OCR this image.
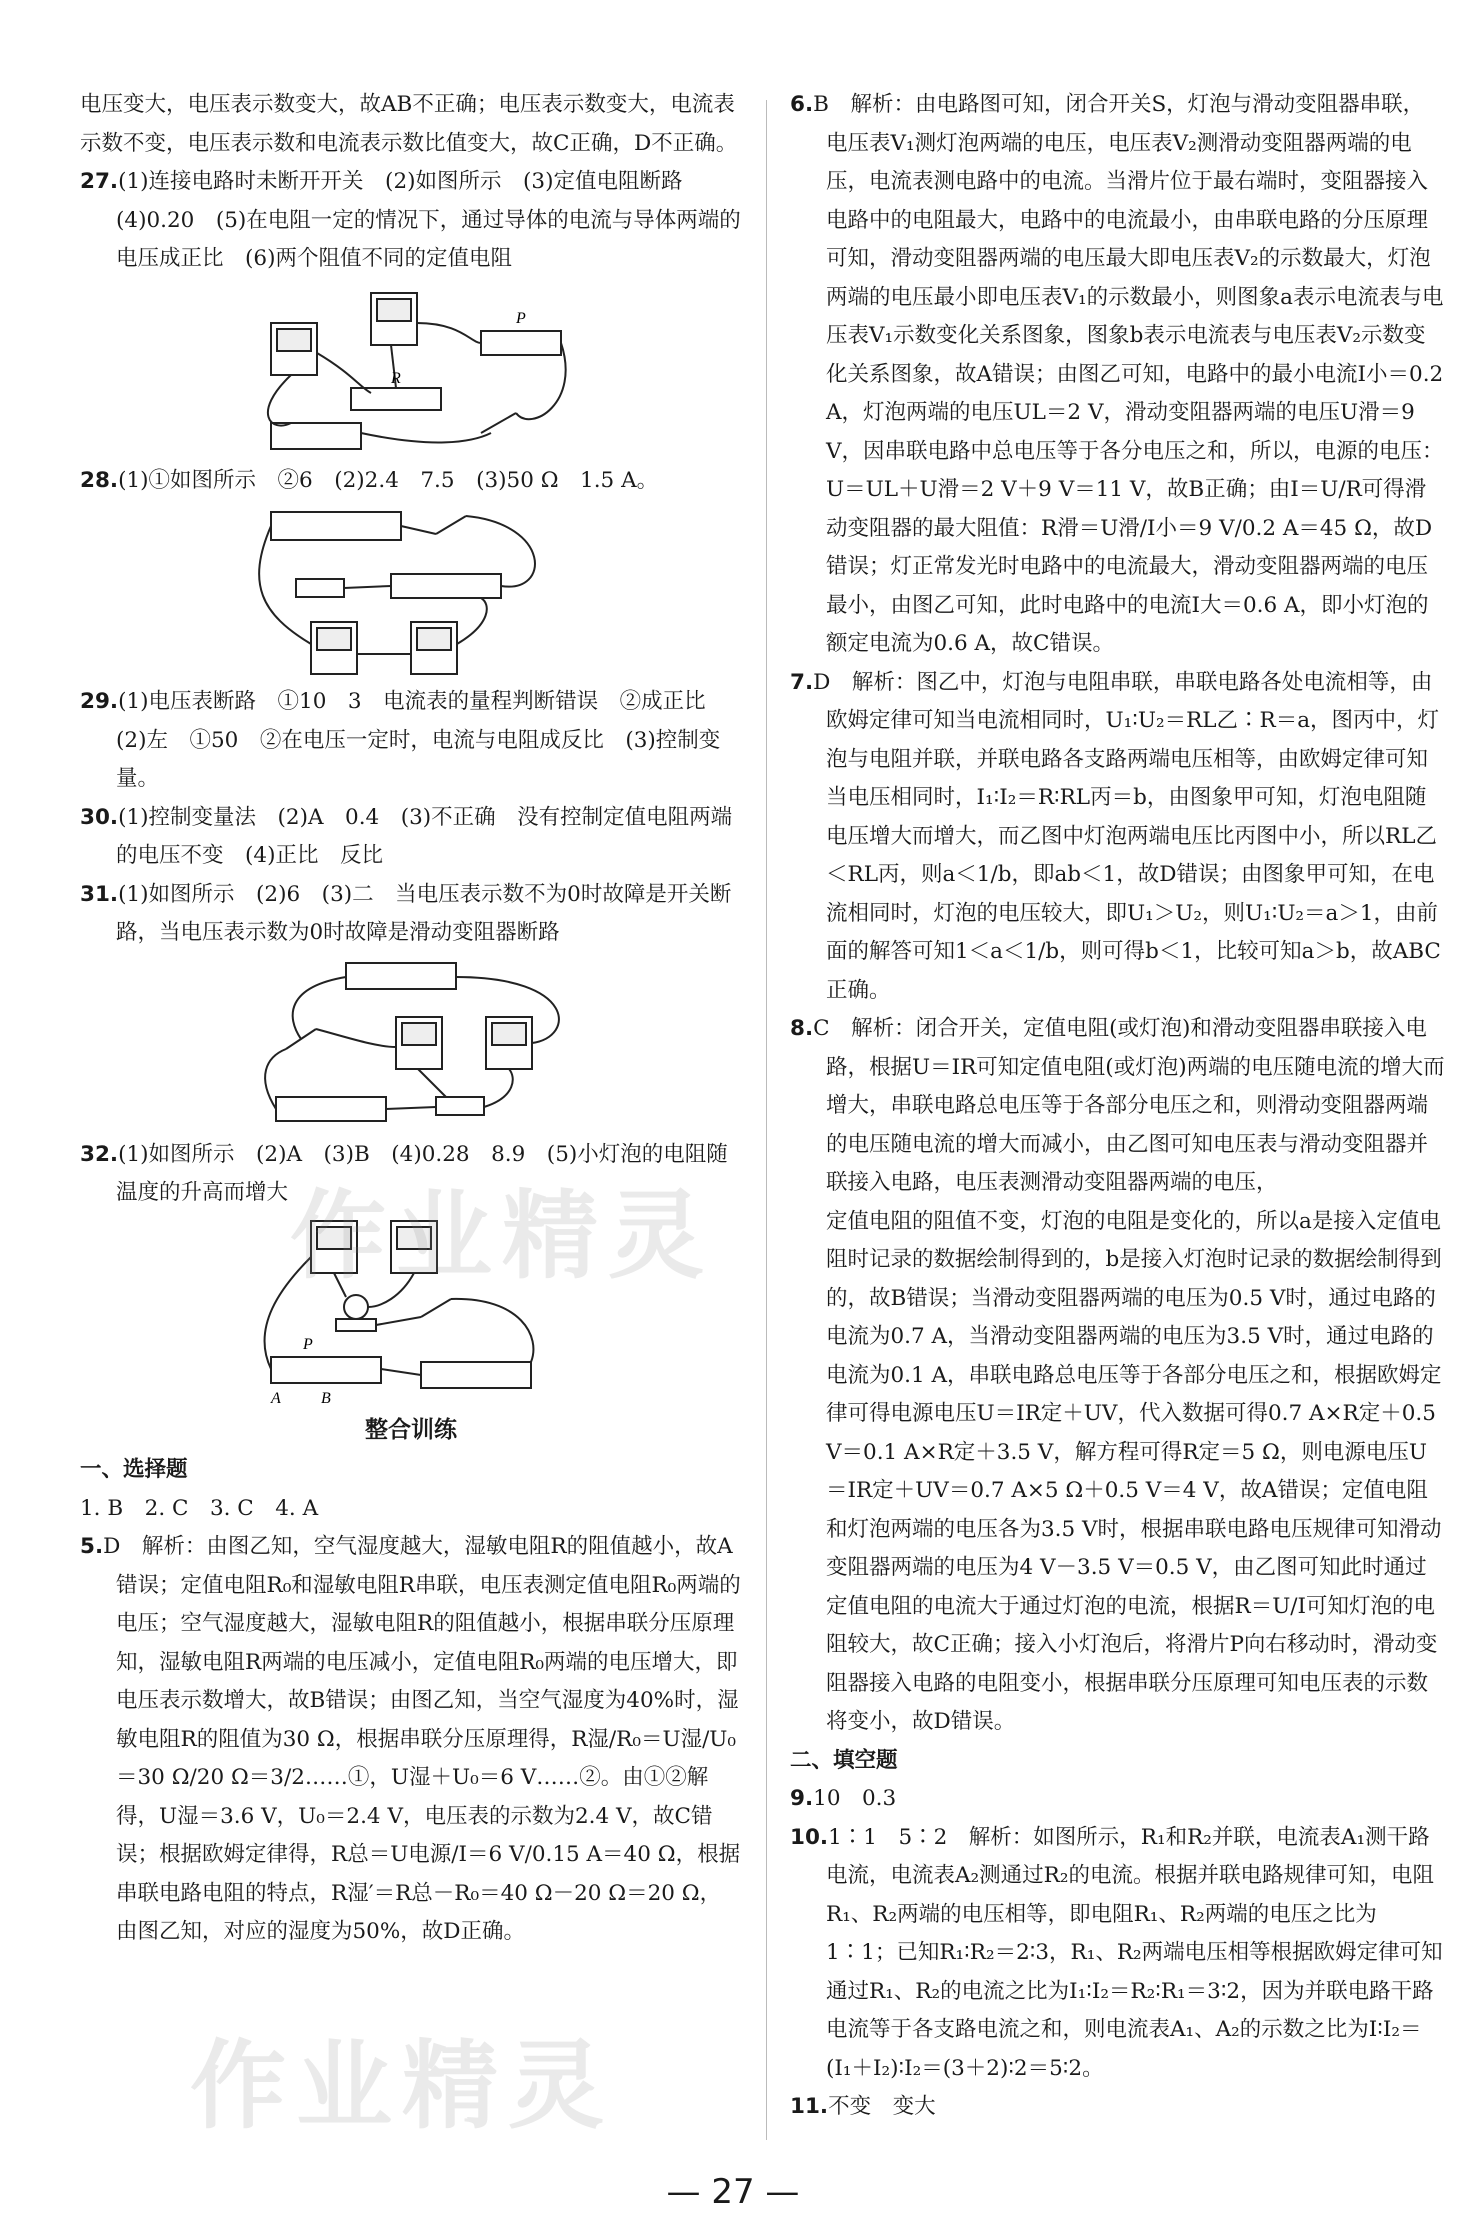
电压变大，电压表示数变大，故AB不正确；电压表示数变大，电流表示数不变，电压表示数和电流表示数比值变大，故C正确，D不正确。

27.(1)连接电路时未断开开关　(2)如图所示　(3)定值电阻断路　(4)0.20　(5)在电阻一定的情况下，通过导体的电流与导体两端的电压成正比　(6)两个阻值不同的定值电阻

R
P

28.(1)①如图所示　②6　(2)2.4　7.5　(3)50 Ω　1.5 A。

29.(1)电压表断路　①10　3　电流表的量程判断错误　②成正比　(2)左　①50　②在电压一定时，电流与电阻成反比　(3)控制变量。

30.(1)控制变量法　(2)A　0.4　(3)不正确　没有控制定值电阻两端的电压不变　(4)正比　反比

31.(1)如图所示　(2)6　(3)二　当电压表示数不为0时故障是开关断路，当电压表示数为0时故障是滑动变阻器断路

32.(1)如图所示　(2)A　(3)B　(4)0.28　8.9　(5)小灯泡的电阻随温度的升高而增大

P
A	B
整合训练

一、选择题

1. B　2. C　3. C　4. A

5.D　解析：由图乙知，空气湿度越大，湿敏电阻R的阻值越小，故A错误；定值电阻R₀和湿敏电阻R串联，电压表测定值电阻R₀两端的电压；空气湿度越大，湿敏电阻R的阻值越小，根据串联分压原理知，湿敏电阻R两端的电压减小，定值电阻R₀两端的电压增大，即电压表示数增大，故B错误；由图乙知，当空气湿度为40%时，湿敏电阻R的阻值为30 Ω，根据串联分压原理得，R湿/R₀＝U湿/U₀＝30 Ω/20 Ω＝3/2……①，U湿＋U₀＝6 V……②。由①②解得，U湿＝3.6 V，U₀＝2.4 V，电压表的示数为2.4 V，故C错误；根据欧姆定律得，R总＝U电源/I＝6 V/0.15 A＝40 Ω，根据串联电路电阻的特点，R湿′＝R总－R₀＝40 Ω－20 Ω＝20 Ω，由图乙知，对应的湿度为50%，故D正确。

6.B　解析：由电路图可知，闭合开关S，灯泡与滑动变阻器串联，电压表V₁测灯泡两端的电压，电压表V₂测滑动变阻器两端的电压，电流表测电路中的电流。当滑片位于最右端时，变阻器接入电路中的电阻最大，电路中的电流最小，由串联电路的分压原理可知，滑动变阻器两端的电压最大即电压表V₂的示数最大，灯泡两端的电压最小即电压表V₁的示数最小，则图象a表示电流表与电压表V₁示数变化关系图象，图象b表示电流表与电压表V₂示数变化关系图象，故A错误；由图乙可知，电路中的最小电流I小＝0.2 A，灯泡两端的电压UL＝2 V，滑动变阻器两端的电压U滑＝9 V，因串联电路中总电压等于各分电压之和，所以，电源的电压：U＝UL＋U滑＝2 V＋9 V＝11 V，故B正确；由I＝U/R可得滑动变阻器的最大阻值：R滑＝U滑/I小＝9 V/0.2 A＝45 Ω，故D错误；灯正常发光时电路中的电流最大，滑动变阻器两端的电压最小，由图乙可知，此时电路中的电流I大＝0.6 A，即小灯泡的额定电流为0.6 A，故C错误。

7.D　解析：图乙中，灯泡与电阻串联，串联电路各处电流相等，由欧姆定律可知当电流相同时，U₁∶U₂＝RL乙∶R＝a，图丙中，灯泡与电阻并联，并联电路各支路两端电压相等，由欧姆定律可知当电压相同时，I₁∶I₂＝R∶RL丙＝b，由图象甲可知，灯泡电阻随电压增大而增大，而乙图中灯泡两端电压比丙图中小，所以RL乙＜RL丙，则a＜1/b，即ab＜1，故D错误；由图象甲可知，在电流相同时，灯泡的电压较大，即U₁＞U₂，则U₁∶U₂＝a＞1，由前面的解答可知1＜a＜1/b，则可得b＜1，比较可知a＞b，故ABC正确。

8.C　解析：闭合开关，定值电阻(或灯泡)和滑动变阻器串联接入电路，根据U＝IR可知定值电阻(或灯泡)两端的电压随电流的增大而增大，串联电路总电压等于各部分电压之和，则滑动变阻器两端的电压随电流的增大而减小，由乙图可知电压表与滑动变阻器并联接入电路，电压表测滑动变阻器两端的电压，

定值电阻的阻值不变，灯泡的电阻是变化的，所以a是接入定值电阻时记录的数据绘制得到的，b是接入灯泡时记录的数据绘制得到的，故B错误；当滑动变阻器两端的电压为0.5 V时，通过电路的电流为0.7 A，当滑动变阻器两端的电压为3.5 V时，通过电路的电流为0.1 A，串联电路总电压等于各部分电压之和，根据欧姆定律可得电源电压U＝IR定＋UV，代入数据可得0.7 A×R定＋0.5 V＝0.1 A×R定＋3.5 V，解方程可得R定＝5 Ω，则电源电压U＝IR定＋UV＝0.7 A×5 Ω＋0.5 V＝4 V，故A错误；定值电阻和灯泡两端的电压各为3.5 V时，根据串联电路电压规律可知滑动变阻器两端的电压为4 V－3.5 V＝0.5 V，由乙图可知此时通过定值电阻的电流大于通过灯泡的电流，根据R＝U/I可知灯泡的电阻较大，故C正确；接入小灯泡后，将滑片P向右移动时，滑动变阻器接入电路的电阻变小，根据串联分压原理可知电压表的示数将变小，故D错误。

二、填空题

9.10　0.3

10.1∶1　5∶2　解析：如图所示，R₁和R₂并联，电流表A₁测干路电流，电流表A₂测通过R₂的电流。根据并联电路规律可知，电阻R₁、R₂两端的电压相等，即电阻R₁、R₂两端的电压之比为1∶1；已知R₁∶R₂＝2∶3，R₁、R₂两端电压相等根据欧姆定律可知通过R₁、R₂的电流之比为I₁∶I₂＝R₂∶R₁＝3∶2，因为并联电路干路电流等于各支路电流之和，则电流表A₁、A₂的示数之比为I∶I₂＝(I₁＋I₂)∶I₂＝(3＋2)∶2＝5∶2。

11.不变　变大

作业精灵
作业精灵
— 27 —
